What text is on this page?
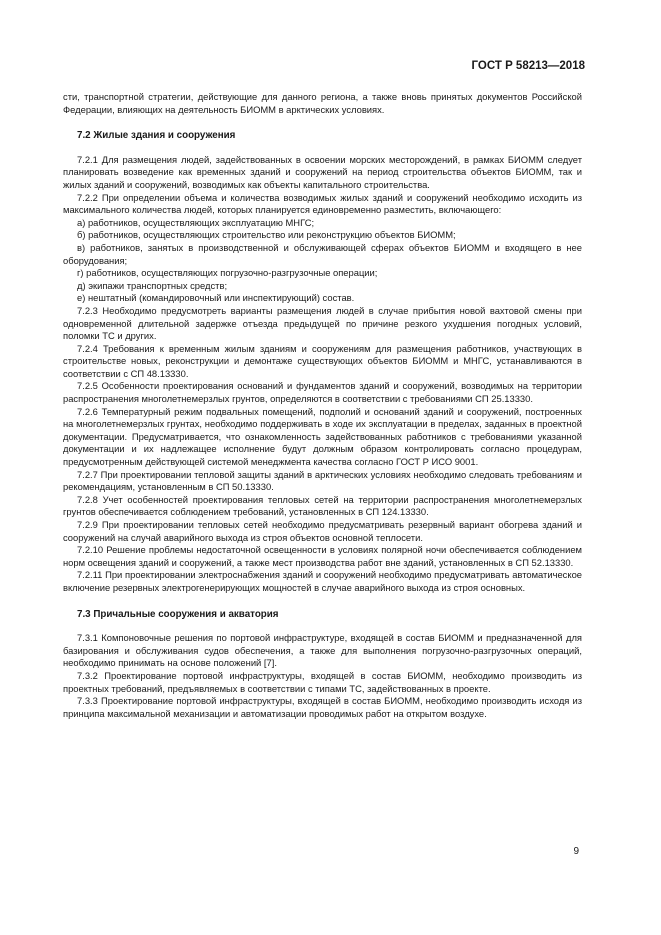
ГОСТ Р 58213—2018

сти, транспортной стратегии, действующие для данного региона, а также вновь принятых документов Российской Федерации, влияющих на деятельность БИОММ в арктических условиях.

7.2 Жилые здания и сооружения

7.2.1 Для размещения людей, задействованных в освоении морских месторождений, в рамках БИОММ следует планировать возведение как временных зданий и сооружений на период строительства объектов БИОММ, так и жилых зданий и сооружений, возводимых как объекты капитального строительства.

7.2.2 При определении объема и количества возводимых жилых зданий и сооружений необходимо исходить из максимального количества людей, которых планируется единовременно разместить, включающего:

а) работников, осуществляющих эксплуатацию МНГС;

б) работников, осуществляющих строительство или реконструкцию объектов БИОММ;

в) работников, занятых в производственной и обслуживающей сферах объектов БИОММ и входящего в нее оборудования;

г) работников, осуществляющих погрузочно-разгрузочные операции;

д) экипажи транспортных средств;

е) нештатный (командировочный или инспектирующий) состав.

7.2.3 Необходимо предусмотреть варианты размещения людей в случае прибытия новой вахтовой смены при одновременной длительной задержке отъезда предыдущей по причине резкого ухудшения погодных условий, поломки ТС и других.

7.2.4 Требования к временным жилым зданиям и сооружениям для размещения работников, участвующих в строительстве новых, реконструкции и демонтаже существующих объектов БИОММ и МНГС, устанавливаются в соответствии с СП 48.13330.

7.2.5 Особенности проектирования оснований и фундаментов зданий и сооружений, возводимых на территории распространения многолетнемерзлых грунтов, определяются в соответствии с требованиями СП 25.13330.

7.2.6 Температурный режим подвальных помещений, подполий и оснований зданий и сооружений, построенных на многолетнемерзлых грунтах, необходимо поддерживать в ходе их эксплуатации в пределах, заданных в проектной документации. Предусматривается, что ознакомленность задействованных работников с требованиями указанной документации и их надлежащее исполнение будут должным образом контролировать согласно процедурам, предусмотренным действующей системой менеджмента качества согласно ГОСТ Р ИСО 9001.

7.2.7 При проектировании тепловой защиты зданий в арктических условиях необходимо следовать требованиям и рекомендациям, установленным в СП 50.13330.

7.2.8 Учет особенностей проектирования тепловых сетей на территории распространения многолетнемерзлых грунтов обеспечивается соблюдением требований, установленных в СП 124.13330.

7.2.9 При проектировании тепловых сетей необходимо предусматривать резервный вариант обогрева зданий и сооружений на случай аварийного выхода из строя объектов основной теплосети.

7.2.10 Решение проблемы недостаточной освещенности в условиях полярной ночи обеспечивается соблюдением норм освещения зданий и сооружений, а также мест производства работ вне зданий, установленных в СП 52.13330.

7.2.11 При проектировании электроснабжения зданий и сооружений необходимо предусматривать автоматическое включение резервных электрогенерирующих мощностей в случае аварийного выхода из строя основных.

7.3 Причальные сооружения и акватория

7.3.1 Компоновочные решения по портовой инфраструктуре, входящей в состав БИОММ и предназначенной для базирования и обслуживания судов обеспечения, а также для выполнения погрузочно-разгрузочных операций, необходимо принимать на основе положений [7].

7.3.2 Проектирование портовой инфраструктуры, входящей в состав БИОММ, необходимо производить из проектных требований, предъявляемых в соответствии с типами ТС, задействованных в проекте.

7.3.3 Проектирование портовой инфраструктуры, входящей в состав БИОММ, необходимо производить исходя из принципа максимальной механизации и автоматизации проводимых работ на открытом воздухе.

9
